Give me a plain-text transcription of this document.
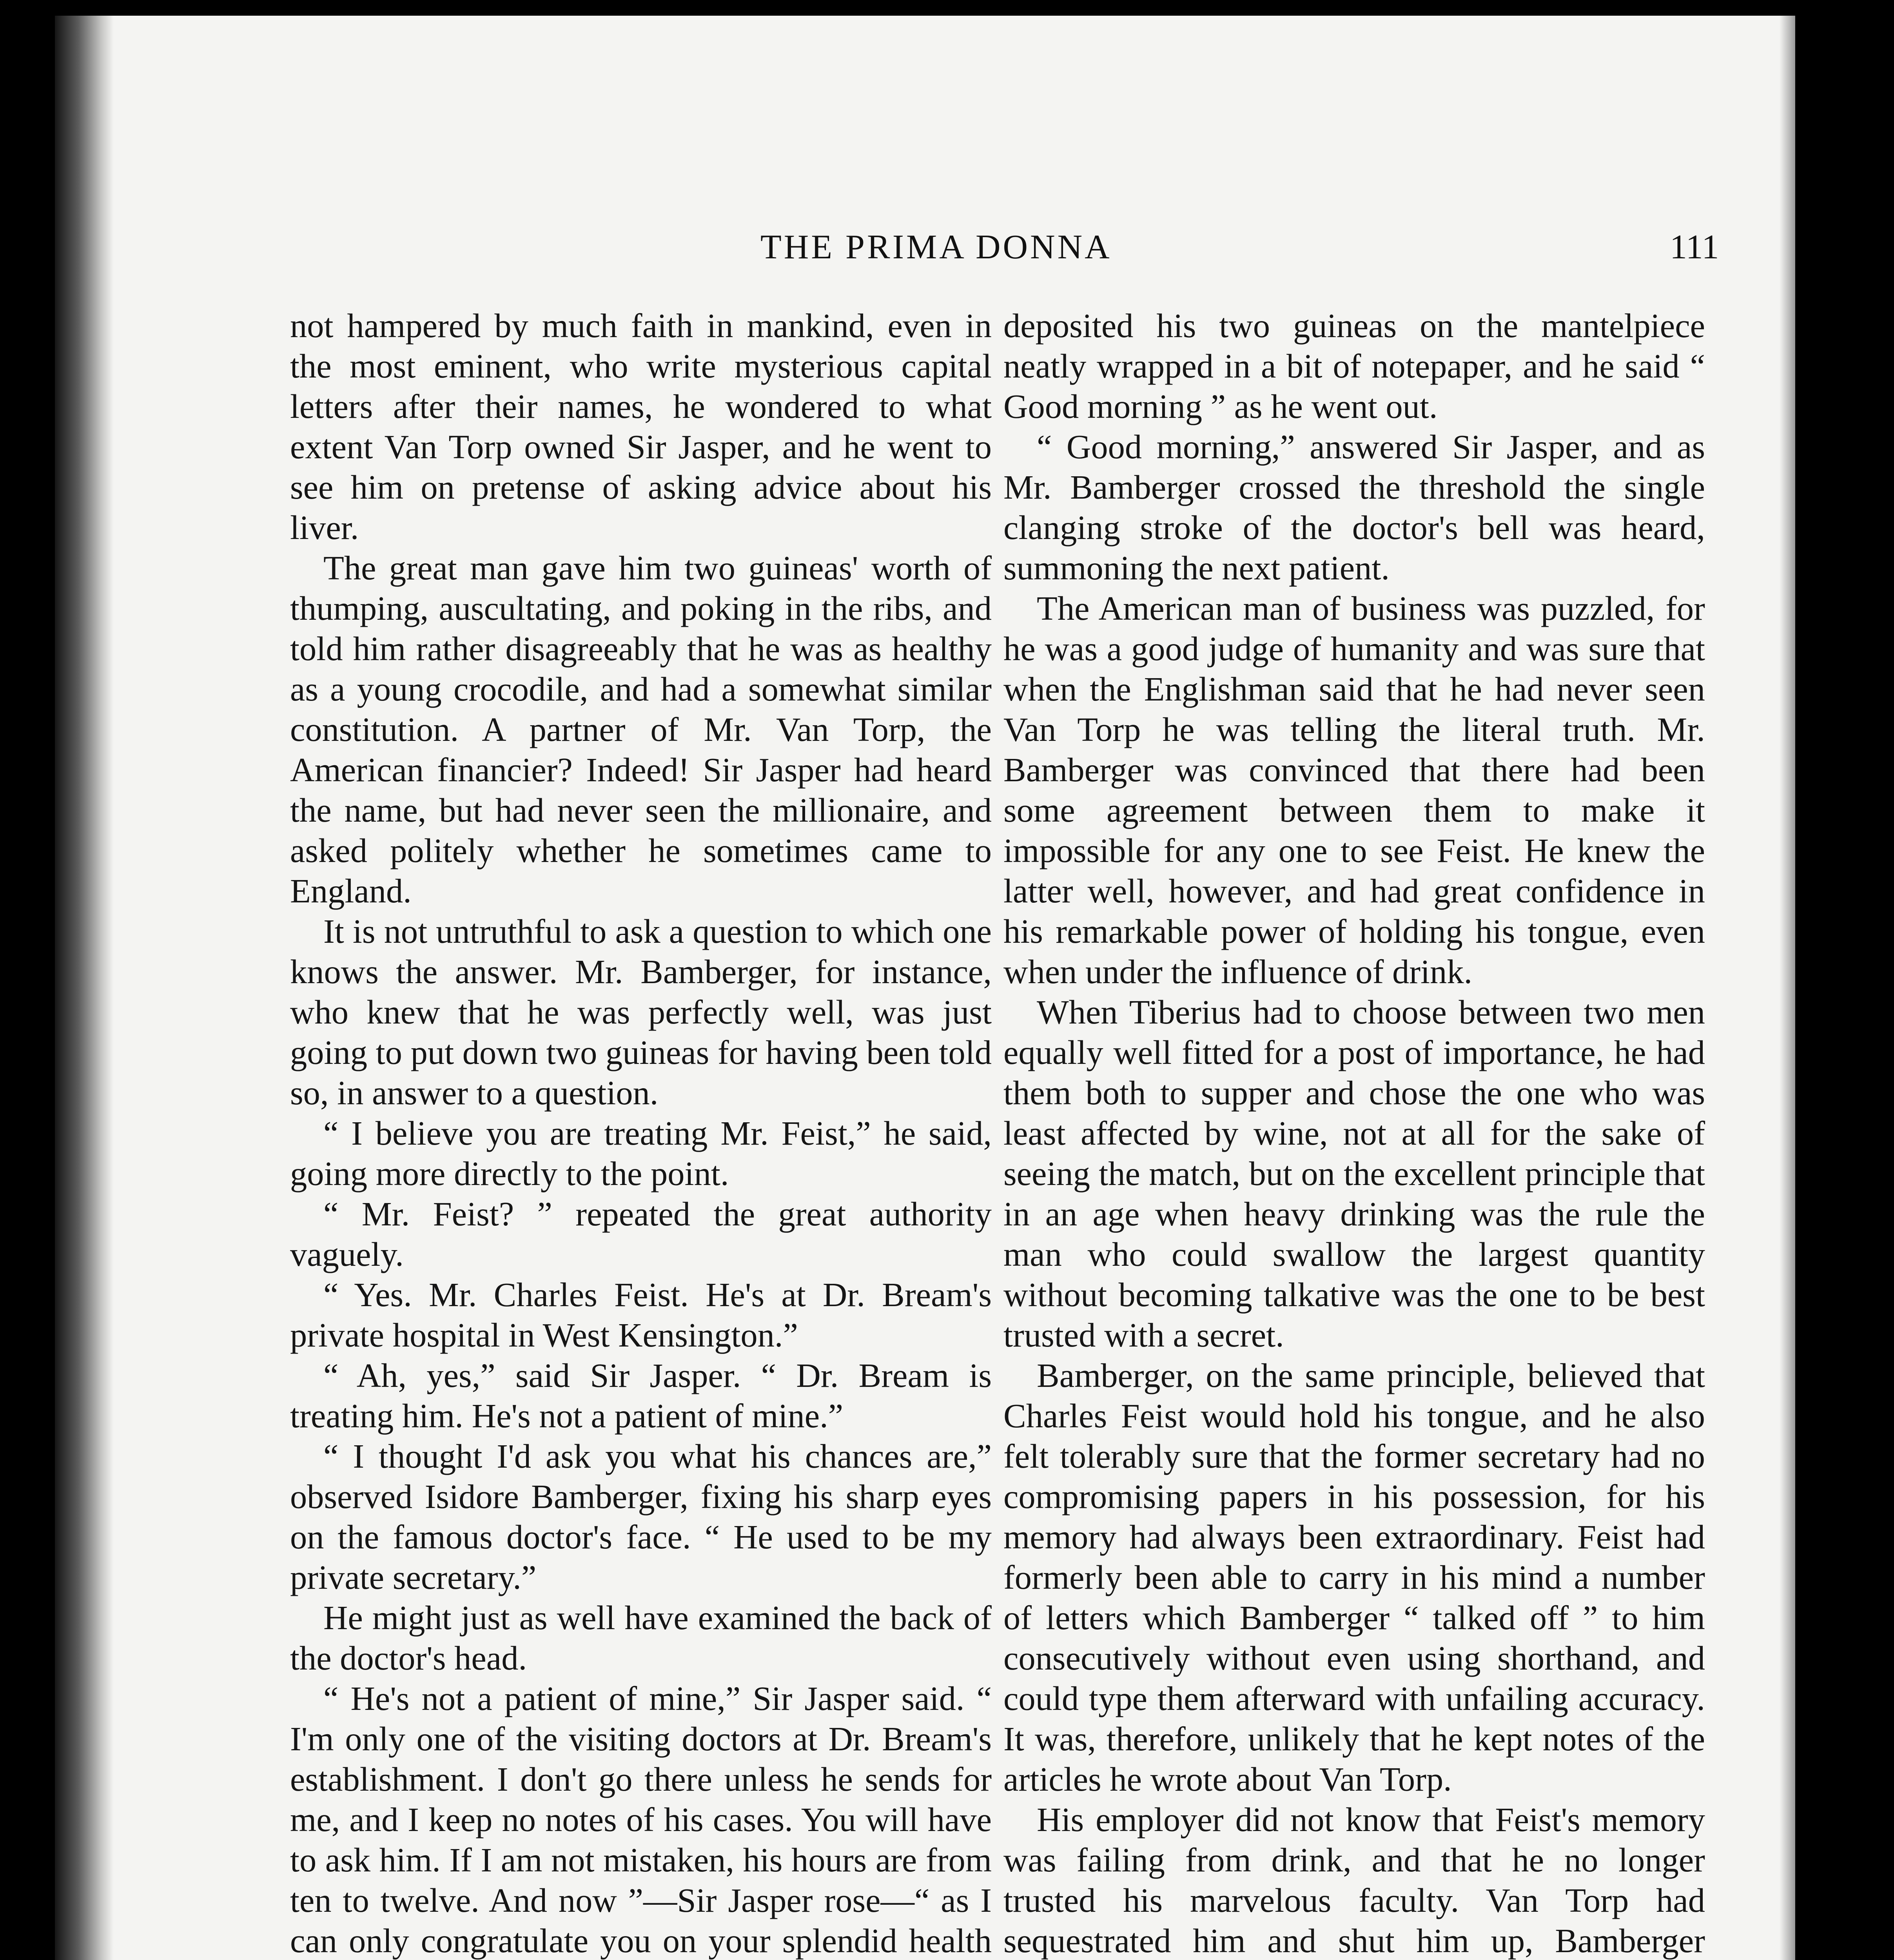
THE PRIMA DONNA	111

not hampered by much faith in mankind, even in the most eminent, who write mysterious capital letters after their names, he wondered to what extent Van Torp owned Sir Jasper, and he went to see him on pretense of asking advice about his liver.

The great man gave him two guineas' worth of thumping, auscultating, and poking in the ribs, and told him rather disagreeably that he was as healthy as a young crocodile, and had a somewhat similar constitution. A partner of Mr. Van Torp, the American financier? Indeed! Sir Jasper had heard the name, but had never seen the millionaire, and asked politely whether he sometimes came to England.

It is not untruthful to ask a question to which one knows the answer. Mr. Bamberger, for instance, who knew that he was perfectly well, was just going to put down two guineas for having been told so, in answer to a question.

“ I believe you are treating Mr. Feist,” he said, going more directly to the point.

“ Mr. Feist? ” repeated the great authority vaguely.

“ Yes. Mr. Charles Feist. He's at Dr. Bream's private hospital in West Kensington.”

“ Ah, yes,” said Sir Jasper. “ Dr. Bream is treating him. He's not a patient of mine.”

“ I thought I'd ask you what his chances are,” observed Isidore Bamberger, fixing his sharp eyes on the famous doctor's face. “ He used to be my private secretary.”

He might just as well have examined the back of the doctor's head.

“ He's not a patient of mine,” Sir Jasper said. “ I'm only one of the visiting doctors at Dr. Bream's establishment. I don't go there unless he sends for me, and I keep no notes of his cases. You will have to ask him. If I am not mistaken, his hours are from ten to twelve. And now ”—Sir Jasper rose—“ as I can only congratulate you on your splendid health

deposited his two guineas on the mantelpiece neatly wrapped in a bit of notepaper, and he said “ Good morning ” as he went out.

“ Good morning,” answered Sir Jasper, and as Mr. Bamberger crossed the threshold the single clanging stroke of the doctor's bell was heard, summoning the next patient.

The American man of business was puzzled, for he was a good judge of humanity and was sure that when the Englishman said that he had never seen Van Torp he was telling the literal truth. Mr. Bamberger was convinced that there had been some agreement between them to make it impossible for any one to see Feist. He knew the latter well, however, and had great confidence in his remarkable power of holding his tongue, even when under the influence of drink.

When Tiberius had to choose between two men equally well fitted for a post of importance, he had them both to supper and chose the one who was least affected by wine, not at all for the sake of seeing the match, but on the excellent principle that in an age when heavy drinking was the rule the man who could swallow the largest quantity without becoming talkative was the one to be best trusted with a secret.

Bamberger, on the same principle, believed that Charles Feist would hold his tongue, and he also felt tolerably sure that the former secretary had no compromising papers in his possession, for his memory had always been extraordinary. Feist had formerly been able to carry in his mind a number of letters which Bamberger “ talked off ” to him consecutively without even using shorthand, and could type them afterward with unfailing accuracy. It was, therefore, unlikely that he kept notes of the articles he wrote about Van Torp.

His employer did not know that Feist's memory was failing from drink, and that he no longer trusted his marvelous faculty. Van Torp had sequestrated him and shut him up, Bamberger
